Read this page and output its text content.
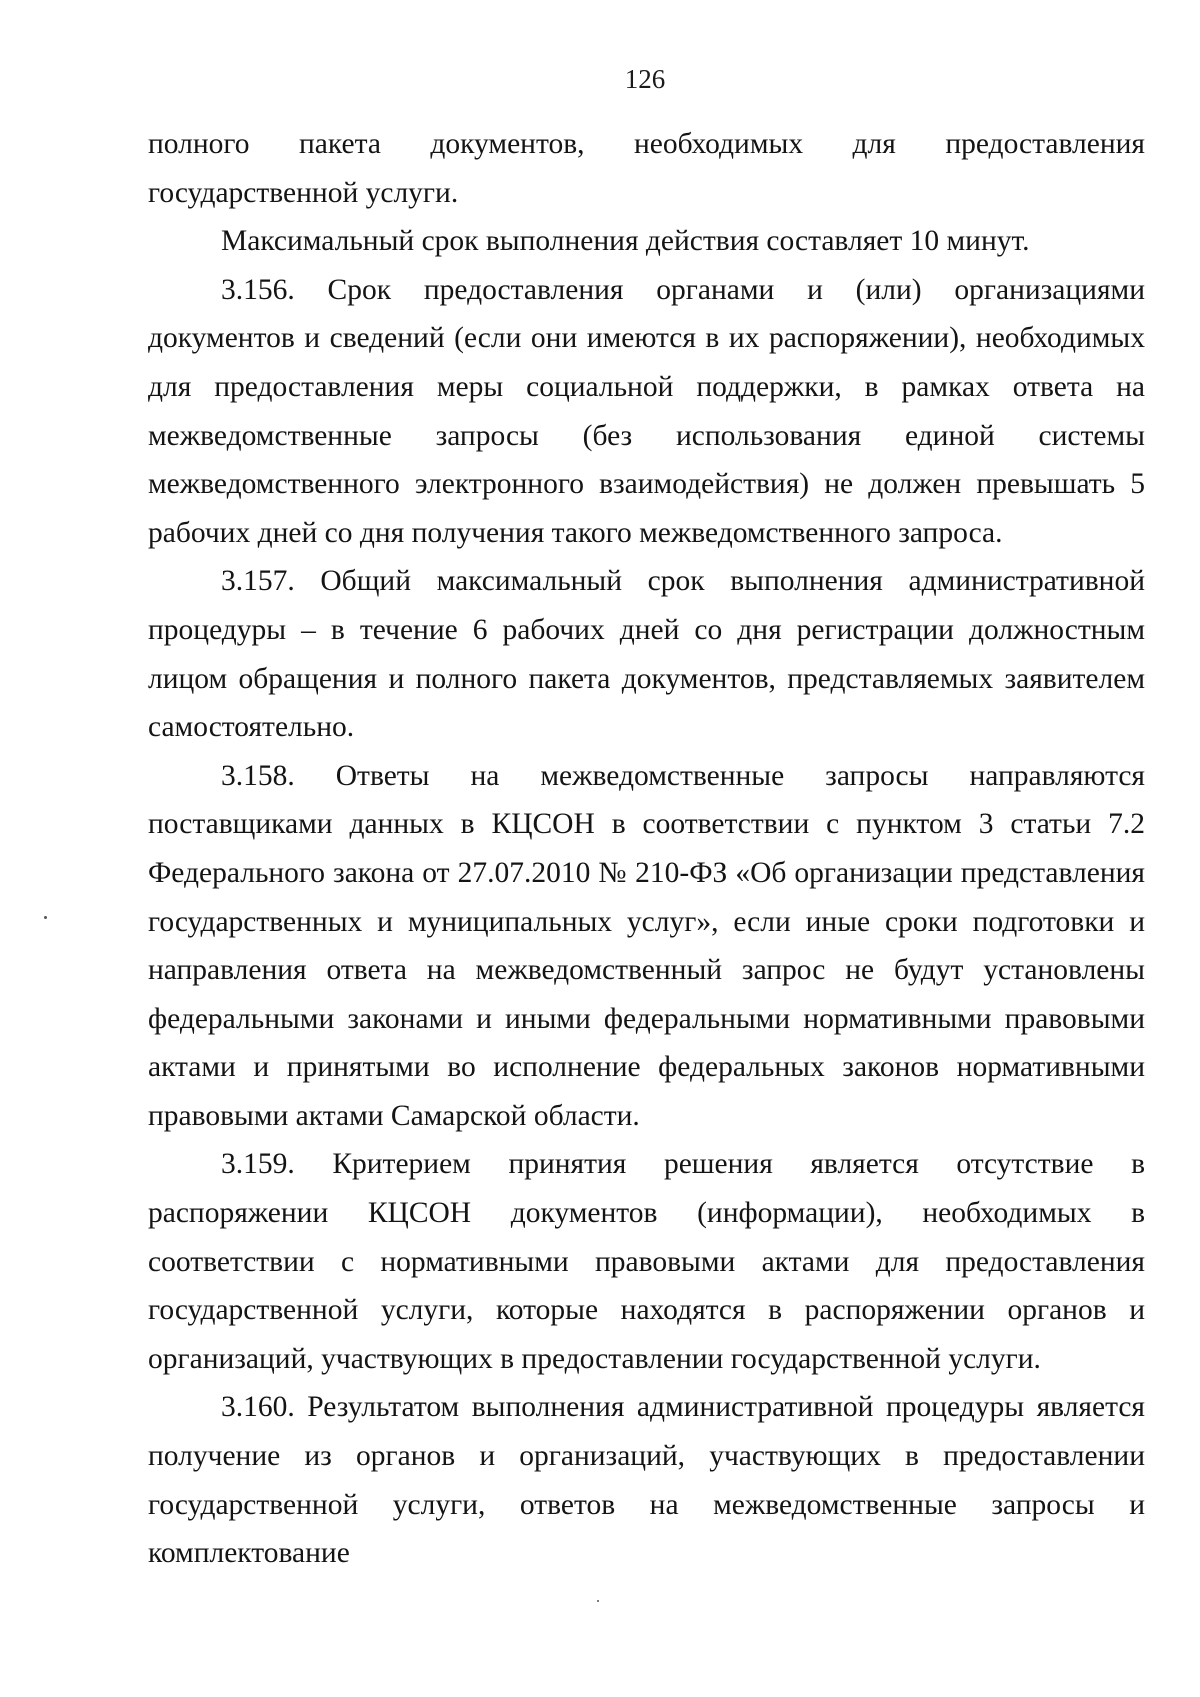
126

полного пакета документов, необходимых для предоставления государственной услуги.

Максимальный срок выполнения действия составляет 10 минут.

3.156. Срок предоставления органами и (или) организациями документов и сведений (если они имеются в их распоряжении), необходимых для предоставления меры социальной поддержки, в рамках ответа на межведомственные запросы (без использования единой системы межведомственного электронного взаимодействия) не должен превышать 5 рабочих дней со дня получения такого межведомственного запроса.

3.157. Общий максимальный срок выполнения административной процедуры – в течение 6 рабочих дней со дня регистрации должностным лицом обращения и полного пакета документов, представляемых заявителем самостоятельно.

3.158. Ответы на межведомственные запросы направляются поставщиками данных в КЦСОН в соответствии с пунктом 3 статьи 7.2 Федерального закона от 27.07.2010 № 210-ФЗ «Об организации представления государственных и муниципальных услуг», если иные сроки подготовки и направления ответа на межведомственный запрос не будут установлены федеральными законами и иными федеральными нормативными правовыми актами и принятыми во исполнение федеральных законов нормативными правовыми актами Самарской области.

3.159. Критерием принятия решения является отсутствие в распоряжении КЦСОН документов (информации), необходимых в соответствии с нормативными правовыми актами для предоставления государственной услуги, которые находятся в распоряжении органов и организаций, участвующих в предоставлении государственной услуги.

3.160. Результатом выполнения административной процедуры является получение из органов и организаций, участвующих в предоставлении государственной услуги, ответов на межведомственные запросы и комплектование
